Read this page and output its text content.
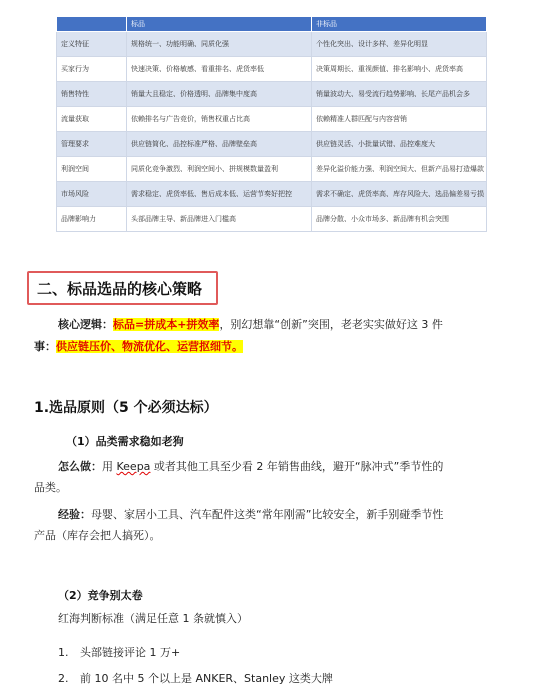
	标品	非标品
定义特征	规格统一、功能明确、同质化强	个性化突出、设计多样、差异化明显
买家行为	快速决策、价格敏感、看重排名、虎货率低	决策周期长、重视颜值、排名影响小、虎货率高
销售特性	销量大且稳定、价格透明、品牌集中度高	销量波动大、易受流行趋势影响、长尾产品机会多
流量获取	依赖排名与广告竞价，销售权重占比高	依赖精准人群匹配与内容营销
管理要求	供应链简化、品控标准严格、品牌壁垒高	供应链灵活、小批量试错、品控难度大
利润空间	同质化竞争激烈、利润空间小、拼规模数量盈利	差异化溢价能力强、利润空间大、但新产品易打造爆款
市场风险	需求稳定、虎货率低、售后成本低、运营节奏好把控	需求不确定、虎货率高、库存风险大、选品偏差易亏损
品牌影响力	头部品牌主导、新品牌进入门槛高	品牌分散、小众市场多、新品牌有机会突围
二、标品选品的核心策略
核心逻辑：标品=拼成本+拼效率，别幻想靠“创新”突围，老老实实做好这 3 件
事：供应链压价、物流优化、运营抠细节。
1.选品原则（5 个必须达标）
（1）品类需求稳如老狗
怎么做：用 Keepa 或者其他工具至少看 2 年销售曲线，避开“脉冲式”季节性的
品类。
经验：母婴、家居小工具、汽车配件这类“常年刚需”比较安全，新手别碰季节性
产品（库存会把人搞死）。
（2）竞争别太卷
红海判断标准（满足任意 1 条就慎入）
1. 头部链接评论 1 万+
2. 前 10 名中 5 个以上是 ANKER、Stanley 这类大牌
